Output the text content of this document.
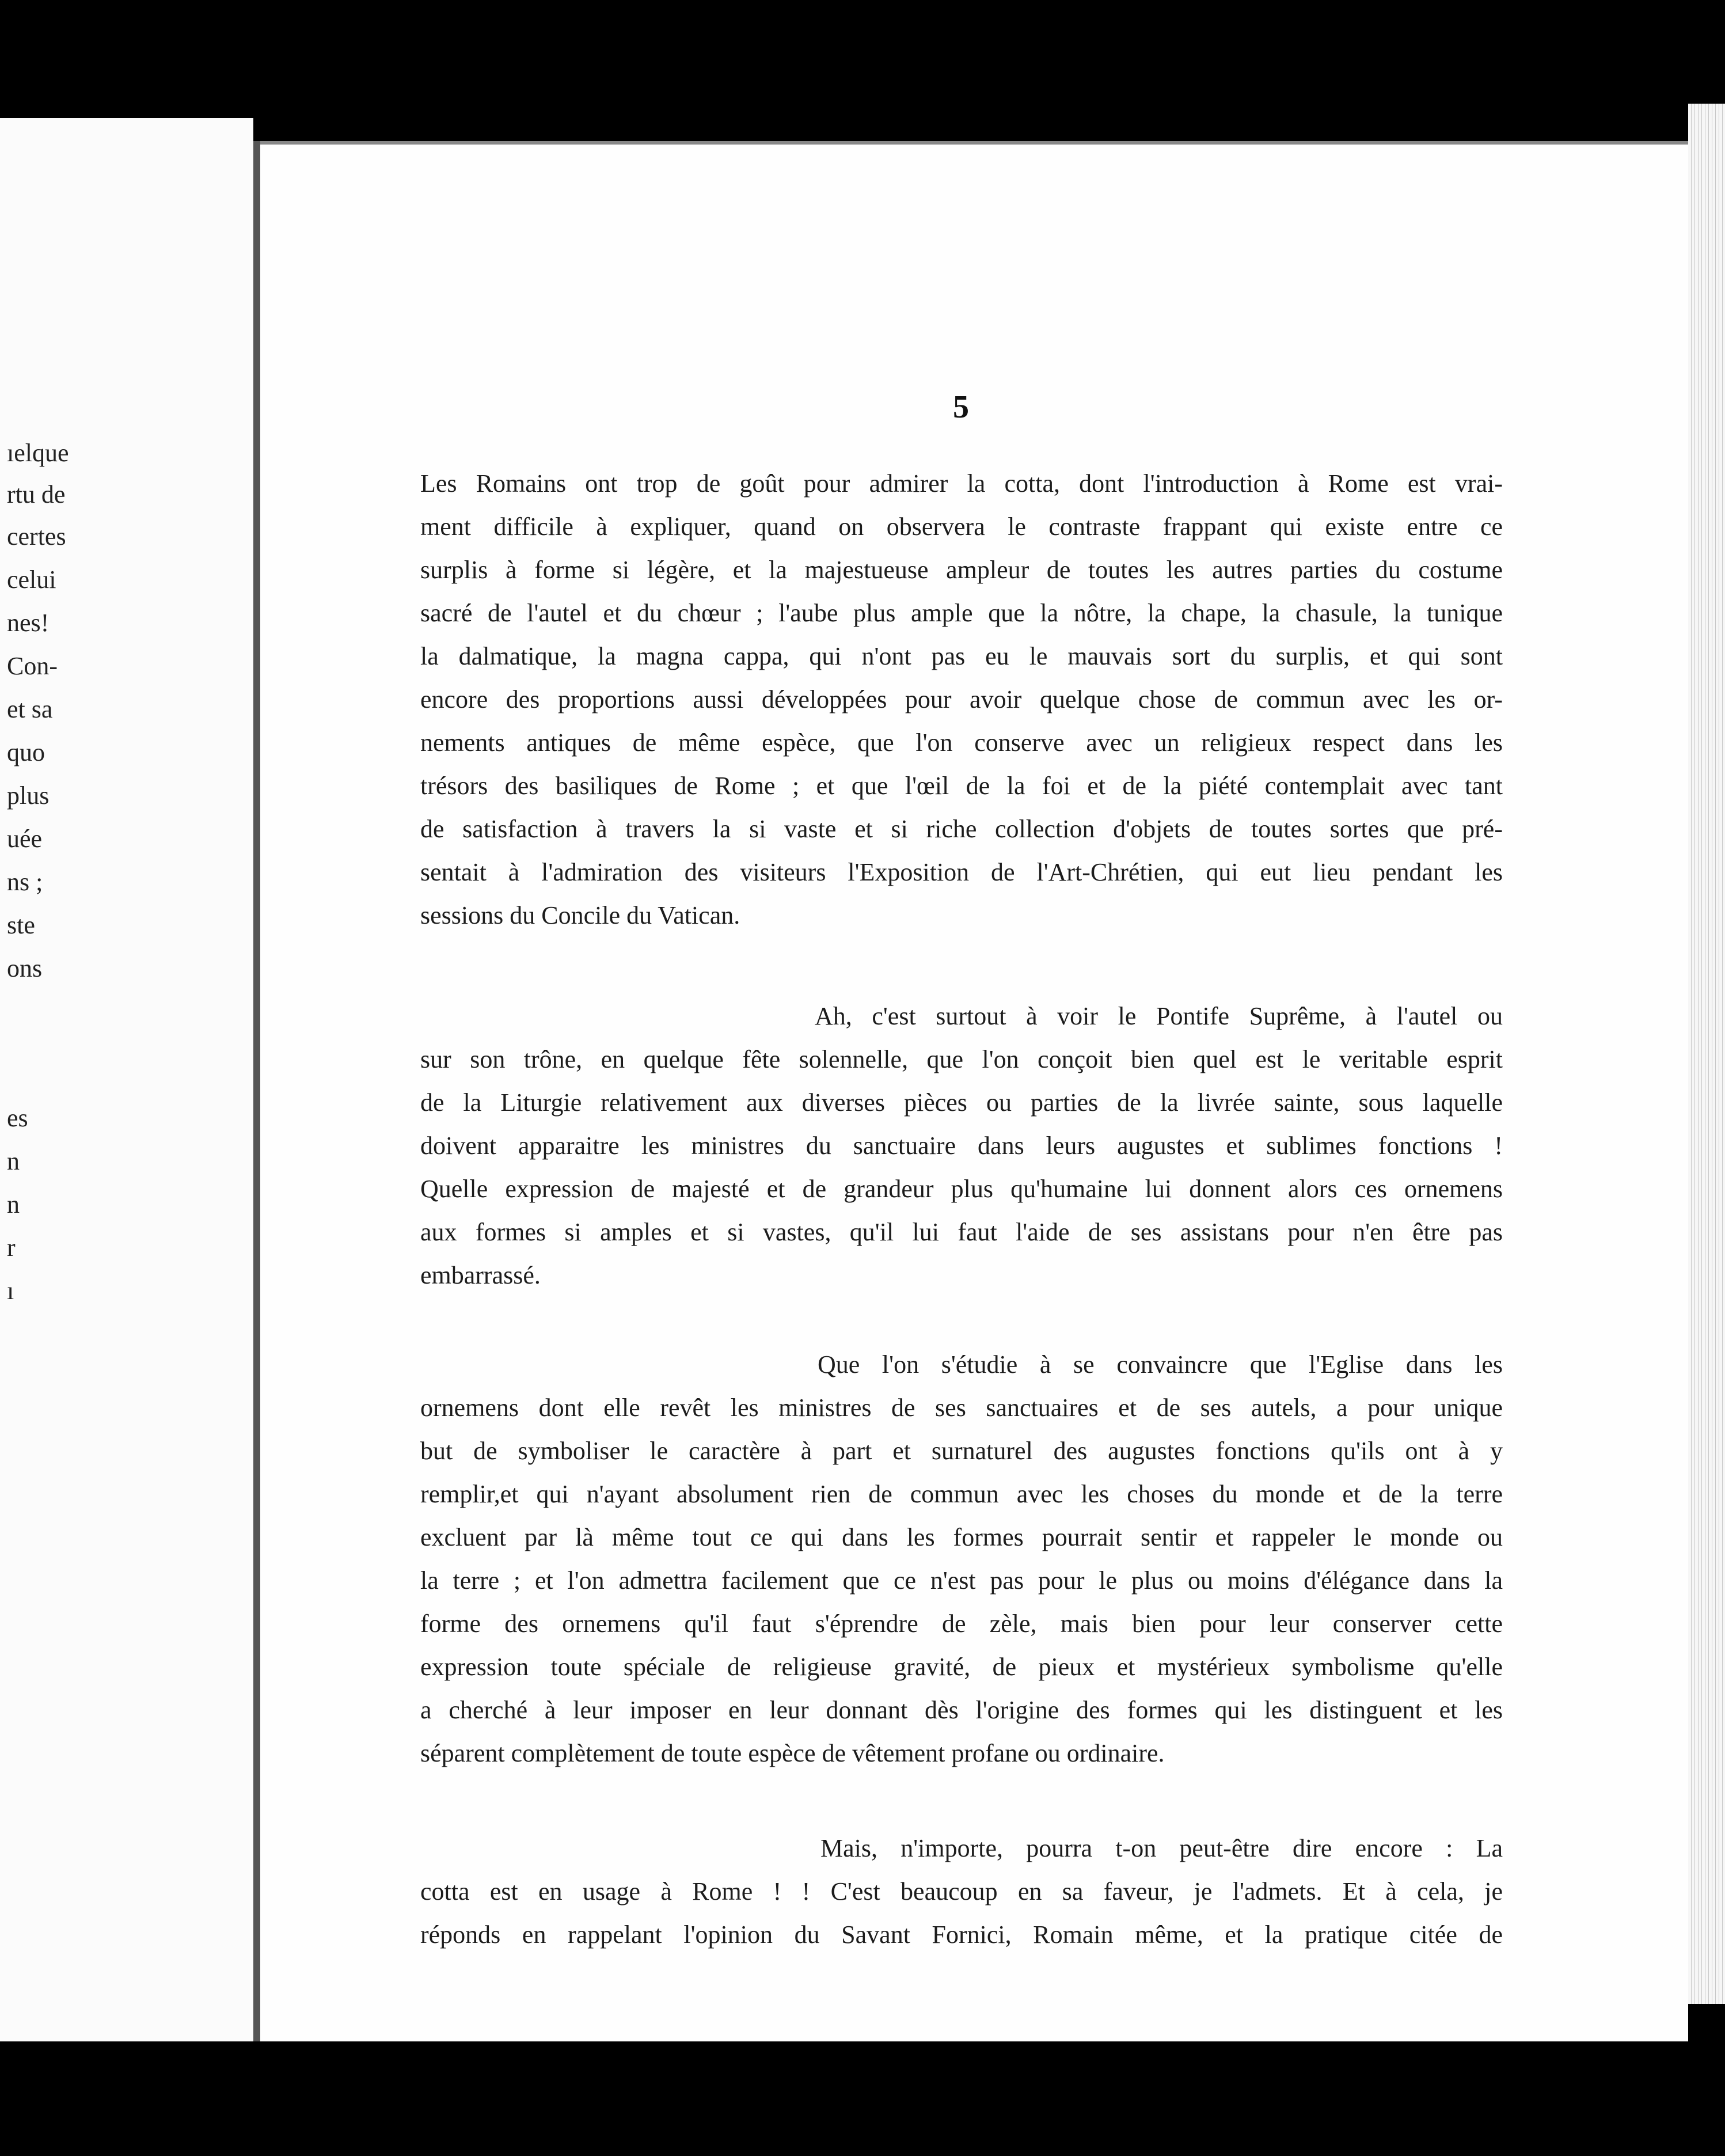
ıelque
rtu de
certes
celui
nes!
Con-
et sa
quo
plus
uée
ns ;
ste
ons
es
n
n
r
ı
5
Les Romains ont trop de goût pour admirer la cotta, dont l'introduction à Rome est vrai-
ment difficile à expliquer, quand on observera le contraste frappant qui existe entre ce
surplis à forme si légère, et la majestueuse ampleur de toutes les autres parties du costume
sacré de l'autel et du chœur ; l'aube plus ample que la nôtre, la chape, la chasule, la tunique
la dalmatique, la magna cappa, qui n'ont pas eu le mauvais sort du surplis, et qui sont
encore des proportions aussi développées pour avoir quelque chose de commun avec les or-
nements antiques de même espèce, que l'on conserve avec un religieux respect dans les
trésors des basiliques de Rome ; et que l'œil de la foi et de la piété contemplait avec tant
de satisfaction à travers la si vaste et si riche collection d'objets de toutes sortes que pré-
sentait à l'admiration des visiteurs l'Exposition de l'Art-Chrétien, qui eut lieu pendant les
sessions du Concile du Vatican.
Ah, c'est surtout à voir le Pontife Suprême, à l'autel ou
sur son trône, en quelque fête solennelle, que l'on conçoit bien quel est le veritable esprit
de la Liturgie relativement aux diverses pièces ou parties de la livrée sainte, sous laquelle
doivent apparaitre les ministres du sanctuaire dans leurs augustes et sublimes fonctions !
Quelle expression de majesté et de grandeur plus qu'humaine lui donnent alors ces ornemens
aux formes si amples et si vastes, qu'il lui faut l'aide de ses assistans pour n'en être pas
embarrassé.
Que l'on s'étudie à se convaincre que l'Eglise dans les
ornemens dont elle revêt les ministres de ses sanctuaires et de ses autels, a pour unique
but de symboliser le caractère à part et surnaturel des augustes fonctions qu'ils ont à y
remplir,et qui n'ayant absolument rien de commun avec les choses du monde et de la terre
excluent par là même tout ce qui dans les formes pourrait sentir et rappeler le monde ou
la terre ; et l'on admettra facilement que ce n'est pas pour le plus ou moins d'élégance dans la
forme des ornemens qu'il faut s'éprendre de zèle, mais bien pour leur conserver cette
expression toute spéciale de religieuse gravité, de pieux et mystérieux symbolisme qu'elle
a cherché à leur imposer en leur donnant dès l'origine des formes qui les distinguent et les
séparent complètement de toute espèce de vêtement profane ou ordinaire.
Mais, n'importe, pourra t-on peut-être dire encore : La
cotta est en usage à Rome ! ! C'est beaucoup en sa faveur, je l'admets. Et à cela, je
réponds en rappelant l'opinion du Savant Fornici, Romain même, et la pratique citée de
